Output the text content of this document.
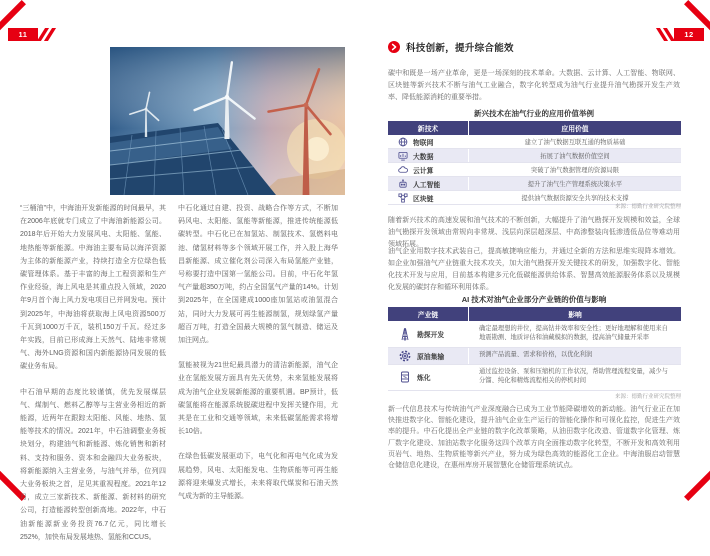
11

“三桶油”中，中海油开发新能源的时间最早，其在2006年底就专门成立了中海油新能源公司。2018年后开始大力发展风电、太阳能、氢能、地热能等新能源。中海油主要布局以海洋资源为主体的新能源产业，持续打造全方位绿色低碳管理体系。基于丰富的海上工程资源和生产作业经验，海上风电是其重点投入领域，2020年9月首个海上风力发电项目已并网发电。预计到2025年，中海油将获取海上风电资源500万千瓦到1000万千瓦，装机150万千瓦。经过多年实践，目前已形成海上天然气、陆地非常规气、海外LNG资源和国内新能源协同发展的低碳业务布局。

中石油早期的态度比较谨慎，优先发展煤层气、煤制气、燃料乙醇等与主营业务相近的新能源，近两年在跟踪太阳能、风能、地热、氢能等技术的情况。2021年，中石油调整业务板块划分，构建油气和新能源、炼化销售和新材料、支持和服务、资本和金融四大业务板块，将新能源纳入主营业务，与油气并举，位列四大业务板块之首，足见其重视程度。2021年12月，成立三家新技术、新能源、新材料的研究公司，打造能源转型创新高地。2022年，中石油新能源新业务投资76.7亿元，同比增长252%，加快布局发展地热、氢能和CCUS。

中石化通过自建、投资、战略合作等方式，不断加码风电、太阳能、氢能等新能源，推进传统能源低碳转型。中石化已在加氢站、制氢技术、氢燃料电池、储氢材料等多个领域开展工作，并入股上海华昌新能源、成立催化剂公司深入布局氢能产业链，号称要打造中国第一氢能公司。目前，中石化年氢气产量超350万吨，约占全国氢气产量的14%。计划到2025年，在全国建成1000座加氢站或油氢混合站，同时大力发展可再生能源制氢，规划绿氢产量超百万吨，打造全国最大规模的氢气制造、储运及加注网点。

氢能被视为21世纪最具潜力的清洁新能源，油气企业在氢能发展方面具有先天优势，未来氢能发展将成为油气企业发展新能源的重要机遇。BP预计，低碳氢能将在能源系统脱碳进程中发挥关键作用，尤其是在工业和交通等领域，未来低碳氢能需求将增长10倍。

在绿色低碳发展驱动下，电气化和再电气化成为发展趋势，风电、太阳能发电、生物质能等可再生能源将迎来爆发式增长，未来将取代煤炭和石油天然气成为新的主导能源。

12
科技创新，提升综合能效

碳中和既是一场产业革命，更是一场深刻的技术革命。大数据、云计算、人工智能、物联网、区块链等新兴技术不断与油气工业融合，数字化转型成为油气行业提升油气勘探开发生产效率、降低能源消耗的重要举措。

新兴技术在油气行业的应用价值举例
新技术	应用价值

物联网	建立了油气数据互联互通的物质基础

大数据	拓展了油气数据价值空间

云计算	突破了油气数据管理的资源局限

人工智能	提升了油气生产管理系统决策水平

区块链	提供油气数据资源安全共享的技术支撑
来源：德勤行业研究院整理

随着新兴技术的高速发展和油气技术的不断创新，大幅提升了油气勘探开发规模和效益，全球油气勘探开发领域由常规向非常规、浅层向深层超深层、中高渗整装向低渗透低品位等难动用领域拓展。

油气企业用数字技术武装自己，提高敏捷响应能力，并通过全新的方法和思维实现降本增效。如企业加强油气产业链重大技术攻关，加大油气勘探开发关键技术的研发，加强数字化、智能化技术开发与应用，目前基本构建多元化低碳能源供给体系、智慧高效能源服务体系以及规模化发展的碳封存和循环利用体系。

AI 技术对油气企业部分产业链的价值与影响
产业链	影响

勘探开发	确定最理想的井位，提高钻井效率和安全性；更好地理解和使用来自地震勘测、地质评估和油藏模拟的数据，提高油气储量开采率

原油集输	预测产品流量、需求和价格，以优化利润

炼化	通过监控设备、泵和压缩机的工作状况，帮助管理流程变量，减少与分馏、纯化和精炼流程相关的停机时间
来源：德勤行业研究院整理

新一代信息技术与传统油气产业深度融合已成为工业节能降碳增效的新动能。油气行业正在加快推进数字化、智能化建设，提升油气企业生产运行的智能化操作和可视化监控，促进生产效率的提升。中石化提出全产业链的数字化改革策略，从油田数字化改造、管道数字化管理、炼厂数字化建设、加油站数字化服务这四个改革方向全面推动数字化转型，不断开发和高效利用页岩气、地热、生物质能等新兴产业，努力成为绿色高效的能源化工企业。中海油服启动智慧仓储信息化建设，在惠州库房开展智慧化仓储管理系统试点。
